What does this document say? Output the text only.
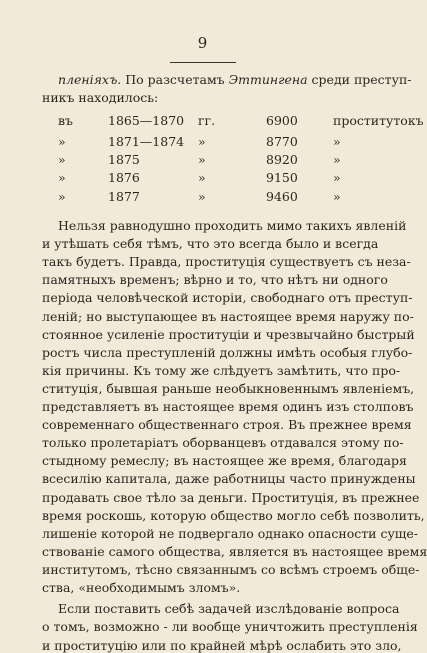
9
пленіяхъ. По разсчетамъ Эттингена среди преступ-
никъ находилось:
въ	1865—1870 гг.	6900	проститутокъ
»	1871—1874 »	8770	»
»	1875	»	8920	»
»	1876	»	9150	»
»	1877	»	9460	»
Нельзя равнодушно проходить мимо такихъ явленій
и утѣшать себя тѣмъ, что это всегда было и всегда
такъ будетъ. Правда, проституція существуетъ съ неза-
памятныхъ временъ; вѣрно и то, что нѣтъ ни одного
періода человѣческой исторіи, свободнаго отъ преступ-
леній; но выступающее въ настоящее время наружу по-
стоянное усиленіе проституціи и чрезвычайно быстрый
ростъ числа преступленій должны имѣть особыя глубо-
кія причины. Къ тому же слѣдуетъ замѣтить, что про-
ституція, бывшая раньше необыкновеннымъ явленіемъ,
представляетъ въ настоящее время одинъ изъ столповъ
современнаго общественнаго строя. Въ прежнее время
только пролетаріатъ оборванцевъ отдавался этому по-
стыдному ремеслу; въ настоящее же время, благодаря
всесилію капитала, даже работницы часто принуждены
продавать свое тѣло за деньги. Проституція, въ прежнее
время роскошь, которую общество могло себѣ позволить,
лишеніе которой не подвергало однако опасности суще-
ствованіе самого общества, является въ настоящее время
институтомъ, тѣсно связаннымъ со всѣмъ строемъ обще-
ства, «необходимымъ зломъ».
Если поставить себѣ задачей изслѣдованіе вопроса
о томъ, возможно - ли вообще уничтожить преступленія
и проституцію или по крайней мѣрѣ ослабить это зло,
